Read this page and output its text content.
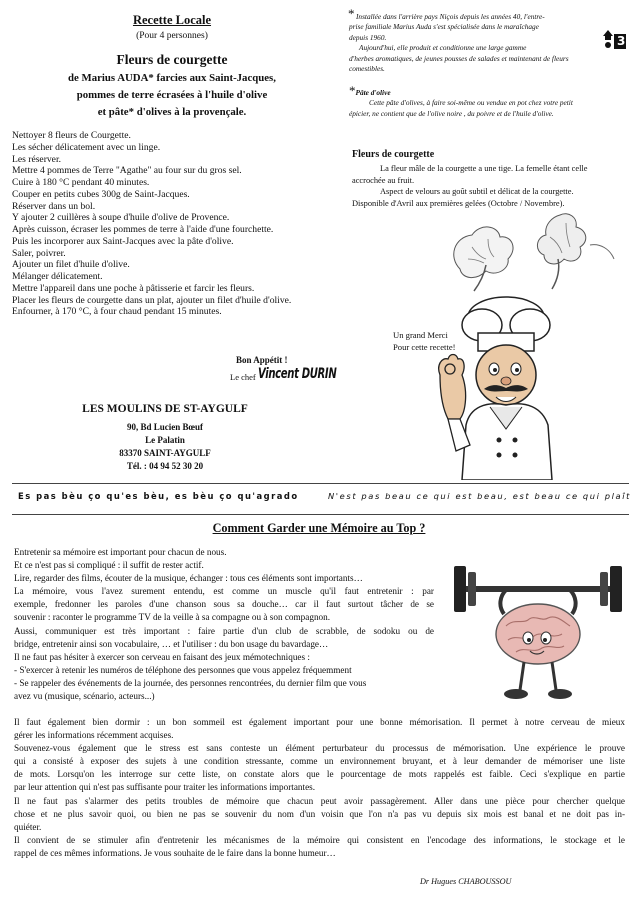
Recette Locale
(Pour 4 personnes)
Fleurs de courgette
de Marius AUDA* farcies aux Saint-Jacques,
pommes de terre écrasées à l'huile d'olive
et pâte* d'olives à la provençale.

Nettoyer 8 fleurs de Courgette.

Les sécher délicatement avec un linge.

Les réserver.

Mettre 4 pommes de Terre "Agathe" au four sur du gros sel.

Cuire à 180 °C pendant 40 minutes.

Couper en petits cubes 300g de Saint-Jacques.

Réserver dans un bol.

Y ajouter 2 cuillères à soupe d'huile d'olive de Provence.

Après cuisson, écraser les pommes de terre à l'aide d'une fourchette.

Puis les incorporer aux Saint-Jacques avec la pâte d'olive.

Saler, poivrer.

Ajouter un filet d'huile d'olive.

Mélanger délicatement.

Mettre l'appareil dans une poche à pâtisserie et farcir les fleurs.

Placer les fleurs de courgette dans un plat, ajouter un filet d'huile d'olive.

Enfourner, à 170 °C, à four chaud pendant 15 minutes.

Bon Appétit !
Le chef Vincent DURIN
LES MOULINS DE ST-AYGULF
90, Bd Lucien Bœuf
Le Palatin
83370 SAINT-AYGULF
Tél. : 04 94 52 30 20

* Installée dans l'arrière pays Niçois depuis les années 40, l'entre-

prise familiale Marius Auda s'est spécialisée dans le maraîchage

depuis 1960.

Aujourd'hui, elle produit et conditionne une large gamme

d'herbes aromatiques, de jeunes pousses de salades et maintenant de fleurs

comestibles.

3

*Pâte d'olive

Cette pâte d'olives, à faire soi-même ou vendue en pot chez votre petit

épicier, ne contient que de l'olive noire , du poivre et de l'huile d'olive.

Fleurs de courgette
La fleur mâle de la courgette a une tige. La femelle étant celle
accrochée au fruit.
Aspect de velours au goût subtil et délicat de la courgette.
Disponible d'Avril aux premières gelées (Octobre / Novembre).
Un grand Merci
Pour cette recette!
Es pas bèu ço qu'es bèu, es bèu ço qu'agrado	N'est pas beau ce qui est beau, est beau ce qui plaît
Comment Garder une Mémoire au Top ?
Entretenir sa mémoire est important pour chacun de nous.
Et ce n'est pas si compliqué : il suffit de rester actif.
Lire, regarder des films, écouter de la musique, échanger : tous ces éléments sont importants…
La mémoire, vous l'avez surement entendu, est comme un muscle qu'il faut entretenir : par
exemple, fredonner les paroles d'une chanson sous sa douche… car il faut surtout tâcher de se
souvenir : raconter le programme TV de la veille à sa compagne ou à son compagnon.
Aussi, communiquer est très important : faire partie d'un club de scrabble, de sodoku ou de
bridge, entretenir ainsi son vocabulaire, … et l'utiliser : du bon usage du bavardage…
Il ne faut pas hésiter à exercer son cerveau en faisant des jeux mémotechniques :
- S'exercer à retenir les numéros de téléphone des personnes que vous appelez fréquemment
- Se rappeler des événements de la journée, des personnes rencontrées, du dernier film que vous
avez vu (musique, scénario, acteurs...)
Il faut également bien dormir : un bon sommeil est également important pour une bonne mémorisation. Il permet à notre cerveau de mieux
gérer les informations récemment acquises.
Souvenez-vous également que le stress est sans conteste un élément perturbateur du processus de mémorisation. Une expérience le prouve
qui a consisté à exposer des sujets à une condition stressante, comme un environnement bruyant, et à leur demander de mémoriser une liste
de mots. Lorsqu'on les interroge sur cette liste, on constate alors que le pourcentage de mots rappelés est faible. Ceci s'explique en partie
par leur attention qui n'est pas suffisante pour traiter les informations importantes.
Il ne faut pas s'alarmer des petits troubles de mémoire que chacun peut avoir passagèrement. Aller dans une pièce pour chercher quelque
chose et ne plus savoir quoi, ou bien ne pas se souvenir du nom d'un voisin que l'on n'a pas vu depuis six mois est banal et ne doit pas in-
quiéter.
Il convient de se stimuler afin d'entretenir les mécanismes de la mémoire qui consistent en l'encodage des informations, le stockage et le
rappel de ces mêmes informations. Je vous souhaite de le faire dans la bonne humeur…
Dr Hugues CHABOUSSOU
